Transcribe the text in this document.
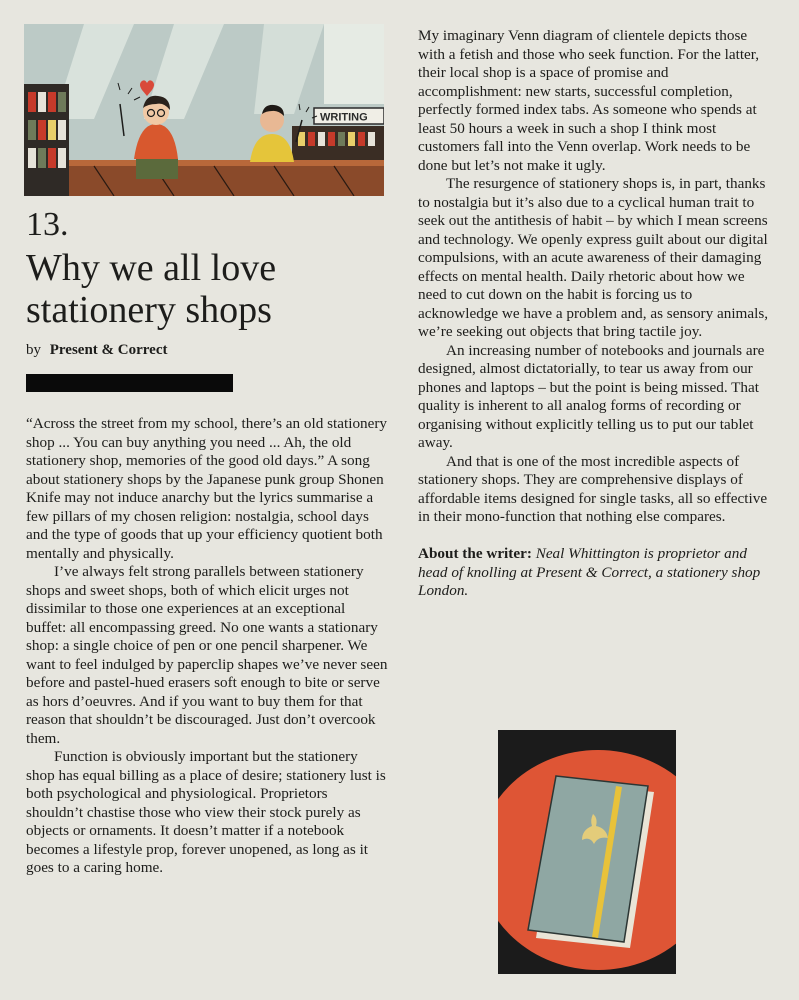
WRITING
13.
Why we all love stationery shops
by Present & Correct

“Across the street from my school, there’s an old stationery shop ... You can buy anything you need ... Ah, the old stationery shop, memories of the good old days.” A song about stationery shops by the Japanese punk group Shonen Knife may not induce anarchy but the lyrics summarise a few pillars of my chosen religion: nostalgia, school days and the type of goods that up your efficiency quotient both mentally and physically.

I’ve always felt strong parallels between stationery shops and sweet shops, both of which elicit urges not dissimilar to those one experiences at an exceptional buffet: all encompassing greed. No one wants a stationary shop: a single choice of pen or one pencil sharpener. We want to feel indulged by paperclip shapes we’ve never seen before and pastel-hued erasers soft enough to bite or serve as hors d’oeuvres. And if you want to buy them for that reason that shouldn’t be discouraged. Just don’t overcook them.

Function is obviously important but the stationery shop has equal billing as a place of desire; stationery lust is both psychological and physiological. Proprietors shouldn’t chastise those who view their stock purely as objects or ornaments. It doesn’t matter if a notebook becomes a lifestyle prop, forever unopened, as long as it goes to a caring home.

My imaginary Venn diagram of clientele depicts those with a fetish and those who seek function. For the latter, their local shop is a space of promise and accomplishment: new starts, successful completion, perfectly formed index tabs. As someone who spends at least 50 hours a week in such a shop I think most customers fall into the Venn overlap. Work needs to be done but let’s not make it ugly.

The resurgence of stationery shops is, in part, thanks to nostalgia but it’s also due to a cyclical human trait to seek out the antithesis of habit – by which I mean screens and technology. We openly express guilt about our digital compulsions, with an acute awareness of their damaging effects on mental health. Daily rhetoric about how we need to cut down on the habit is forcing us to acknowledge we have a problem and, as sensory animals, we’re seeking out objects that bring tactile joy.

An increasing number of notebooks and journals are designed, almost dictatorially, to tear us away from our phones and laptops – but the point is being missed. That quality is inherent to all analog forms of recording or organising without explicitly telling us to put our tablet away.

And that is one of the most incredible aspects of stationery shops. They are comprehensive displays of affordable items designed for single tasks, all so effective in their mono-function that nothing else compares.

About the writer: Neal Whittington is proprietor and head of knolling at Present & Correct, a stationery shop London.
